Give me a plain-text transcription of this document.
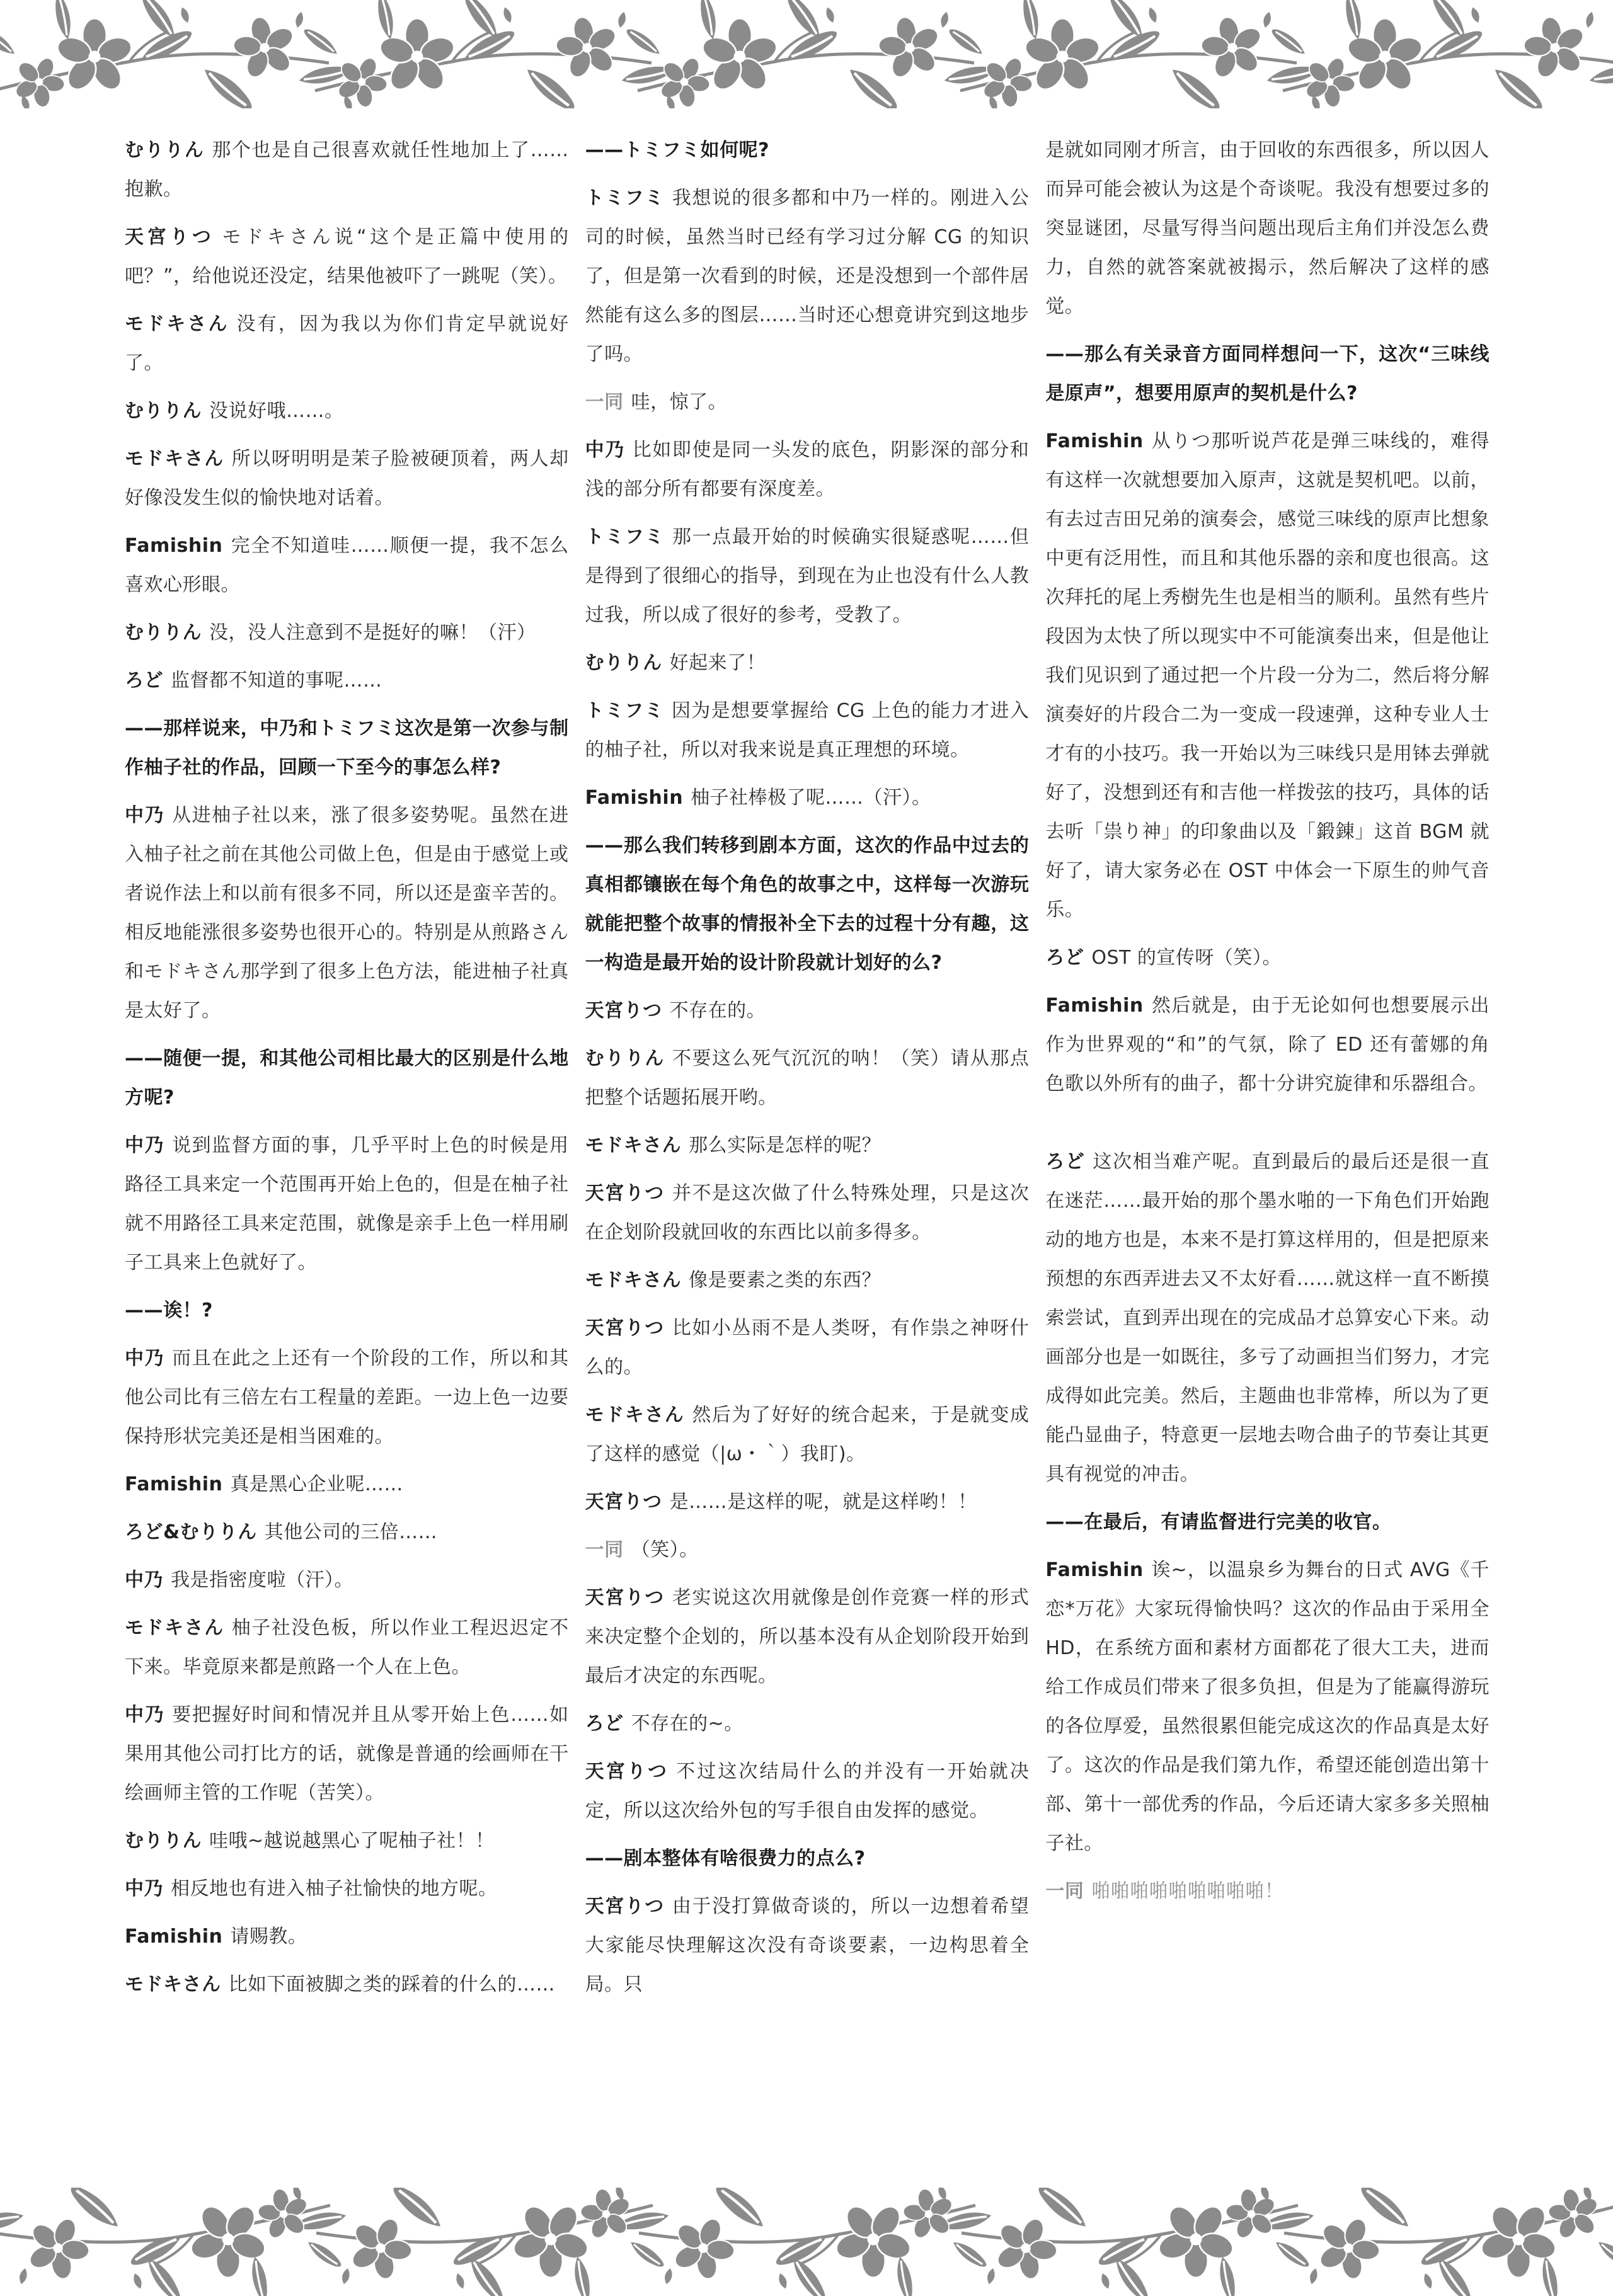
むりりん 那个也是自己很喜欢就任性地加上了……抱歉。

天宮りつ モドキさん说“这个是正篇中使用的吧？”，给他说还没定，结果他被吓了一跳呢（笑）。

モドキさん 没有，因为我以为你们肯定早就说好了。

むりりん 没说好哦……。

モドキさん 所以呀明明是茉子脸被硬顶着，两人却好像没发生似的愉快地对话着。

Famishin 完全不知道哇……顺便一提，我不怎么喜欢心形眼。

むりりん 没，没人注意到不是挺好的嘛！（汗）

ろど 监督都不知道的事呢……

——那样说来，中乃和トミフミ这次是第一次参与制作柚子社的作品，回顾一下至今的事怎么样?

中乃 从进柚子社以来，涨了很多姿势呢。虽然在进入柚子社之前在其他公司做上色，但是由于感觉上或者说作法上和以前有很多不同，所以还是蛮辛苦的。相反地能涨很多姿势也很开心的。特别是从煎路さん和モドキさん那学到了很多上色方法，能进柚子社真是太好了。

——随便一提，和其他公司相比最大的区别是什么地方呢?

中乃 说到监督方面的事，几乎平时上色的时候是用路径工具来定一个范围再开始上色的，但是在柚子社就不用路径工具来定范围，就像是亲手上色一样用刷子工具来上色就好了。

——诶！?

中乃 而且在此之上还有一个阶段的工作，所以和其他公司比有三倍左右工程量的差距。一边上色一边要保持形状完美还是相当困难的。

Famishin 真是黑心企业呢……

ろど&むりりん 其他公司的三倍……

中乃 我是指密度啦（汗）。

モドキさん 柚子社没色板，所以作业工程迟迟定不下来。毕竟原来都是煎路一个人在上色。

中乃 要把握好时间和情况并且从零开始上色……如果用其他公司打比方的话，就像是普通的绘画师在干绘画师主管的工作呢（苦笑）。

むりりん 哇哦~越说越黑心了呢柚子社！！

中乃 相反地也有进入柚子社愉快的地方呢。

Famishin 请赐教。

モドキさん 比如下面被脚之类的踩着的什么的……

——トミフミ如何呢?

トミフミ 我想说的很多都和中乃一样的。刚进入公司的时候，虽然当时已经有学习过分解 CG 的知识了，但是第一次看到的时候，还是没想到一个部件居然能有这么多的图层……当时还心想竟讲究到这地步了吗。

一同 哇，惊了。

中乃 比如即使是同一头发的底色，阴影深的部分和浅的部分所有都要有深度差。

トミフミ 那一点最开始的时候确实很疑惑呢……但是得到了很细心的指导，到现在为止也没有什么人教过我，所以成了很好的参考，受教了。

むりりん 好起来了！

トミフミ 因为是想要掌握给 CG 上色的能力才进入的柚子社，所以对我来说是真正理想的环境。

Famishin 柚子社棒极了呢……（汗）。

——那么我们转移到剧本方面，这次的作品中过去的真相都镶嵌在每个角色的故事之中，这样每一次游玩就能把整个故事的情报补全下去的过程十分有趣，这一构造是最开始的设计阶段就计划好的么?

天宮りつ 不存在的。

むりりん 不要这么死气沉沉的呐！（笑）请从那点把整个话题拓展开哟。

モドキさん 那么实际是怎样的呢？

天宮りつ 并不是这次做了什么特殊处理，只是这次在企划阶段就回收的东西比以前多得多。

モドキさん 像是要素之类的东西？

天宮りつ 比如小丛雨不是人类呀，有作祟之神呀什么的。

モドキさん 然后为了好好的统合起来，于是就变成了这样的感觉（|ω・｀）我盯)。

天宮りつ 是……是这样的呢，就是这样哟！！

一同 （笑）。

天宮りつ 老实说这次用就像是创作竞赛一样的形式来决定整个企划的，所以基本没有从企划阶段开始到最后才决定的东西呢。

ろど 不存在的~。

天宮りつ 不过这次结局什么的并没有一开始就决定，所以这次给外包的写手很自由发挥的感觉。

——剧本整体有啥很费力的点么?

天宮りつ 由于没打算做奇谈的，所以一边想着希望大家能尽快理解这次没有奇谈要素，一边构思着全局。只

是就如同刚才所言，由于回收的东西很多，所以因人而异可能会被认为这是个奇谈呢。我没有想要过多的突显谜团，尽量写得当问题出现后主角们并没怎么费力，自然的就答案就被揭示，然后解决了这样的感觉。

——那么有关录音方面同样想问一下，这次“三味线是原声”，想要用原声的契机是什么?

Famishin 从りつ那听说芦花是弹三味线的，难得有这样一次就想要加入原声，这就是契机吧。以前，有去过吉田兄弟的演奏会，感觉三味线的原声比想象中更有泛用性，而且和其他乐器的亲和度也很高。这次拜托的尾上秀樹先生也是相当的顺利。虽然有些片段因为太快了所以现实中不可能演奏出来，但是他让我们见识到了通过把一个片段一分为二，然后将分解演奏好的片段合二为一变成一段速弹，这种专业人士才有的小技巧。我一开始以为三味线只是用钵去弹就好了，没想到还有和吉他一样拨弦的技巧，具体的话去听「祟り神」的印象曲以及「鍛錬」这首 BGM 就好了，请大家务必在 OST 中体会一下原生的帅气音乐。

ろど OST 的宣传呀（笑）。

Famishin 然后就是，由于无论如何也想要展示出作为世界观的“和”的气氛，除了 ED 还有蕾娜的角色歌以外所有的曲子，都十分讲究旋律和乐器组合。

ろど 这次相当难产呢。直到最后的最后还是很一直在迷茫……最开始的那个墨水啪的一下角色们开始跑动的地方也是，本来不是打算这样用的，但是把原来预想的东西弄进去又不太好看……就这样一直不断摸索尝试，直到弄出现在的完成品才总算安心下来。动画部分也是一如既往，多亏了动画担当们努力，才完成得如此完美。然后，主题曲也非常棒，所以为了更能凸显曲子，特意更一层地去吻合曲子的节奏让其更具有视觉的冲击。

——在最后，有请监督进行完美的收官。

Famishin 诶~，以温泉乡为舞台的日式 AVG《千恋*万花》大家玩得愉快吗？这次的作品由于采用全 HD，在系统方面和素材方面都花了很大工夫，进而给工作成员们带来了很多负担，但是为了能赢得游玩的各位厚爱，虽然很累但能完成这次的作品真是太好了。这次的作品是我们第九作，希望还能创造出第十部、第十一部优秀的作品，今后还请大家多多关照柚子社。

一同 啪啪啪啪啪啪啪啪啪！
